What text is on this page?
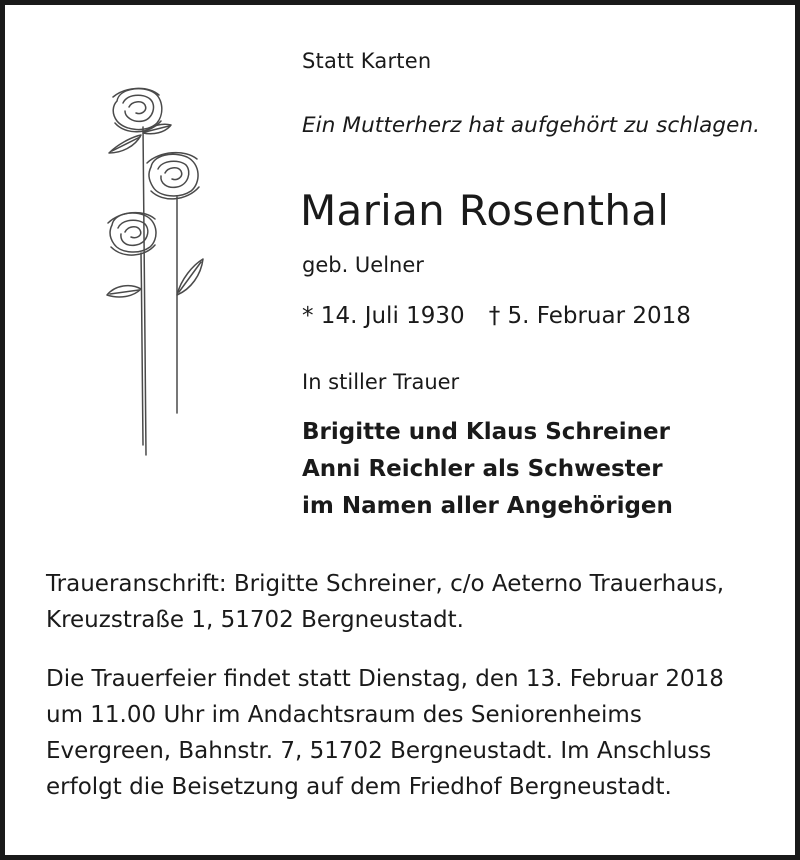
Statt Karten
Ein Mutterherz hat aufgehört zu schlagen.
Marian Rosenthal
geb. Uelner
* 14. Juli 1930 † 5. Februar 2018
In stiller Trauer
Brigitte und Klaus Schreiner
Anni Reichler als Schwester
im Namen aller Angehörigen
Traueranschrift: Brigitte Schreiner, c/o Aeterno Trauerhaus,
Kreuzstraße 1, 51702 Bergneustadt.
Die Trauerfeier findet statt Dienstag, den 13. Februar 2018
um 11.00 Uhr im Andachtsraum des Seniorenheims
Evergreen, Bahnstr. 7, 51702 Bergneustadt. Im Anschluss
erfolgt die Beisetzung auf dem Friedhof Bergneustadt.
